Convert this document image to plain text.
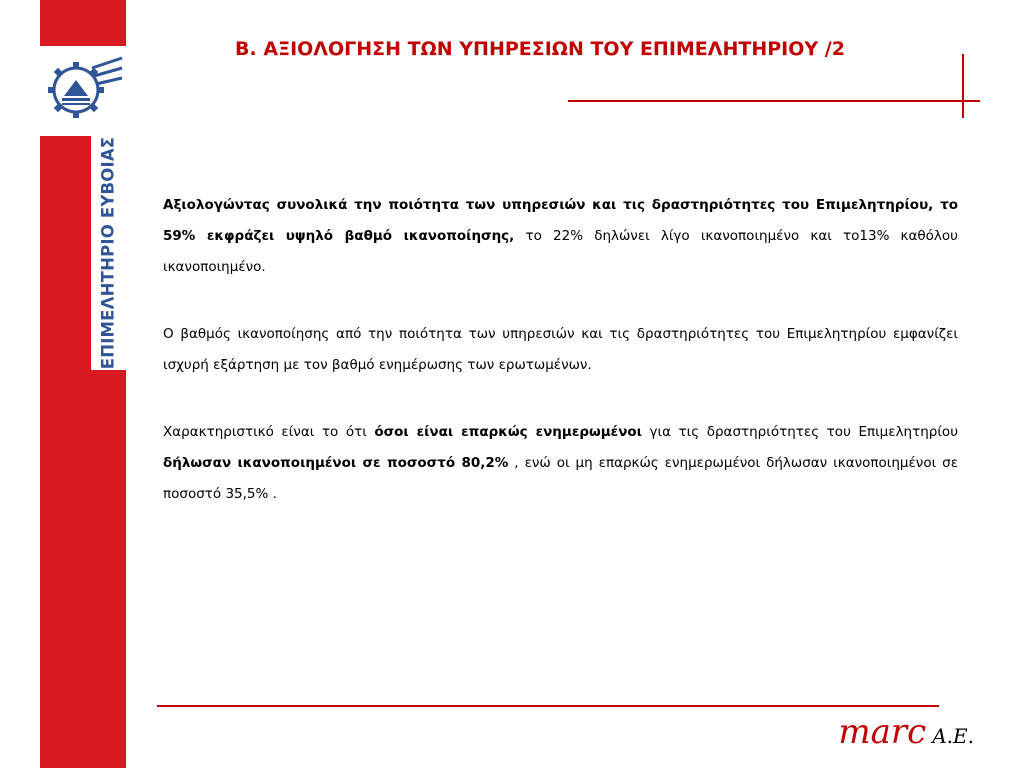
ΕΠΙΜΕΛΗΤΗΡΙΟ ΕΥΒΟΙΑΣ
Β. ΑΞΙΟΛΟΓΗΣΗ ΤΩΝ ΥΠΗΡΕΣΙΩΝ ΤΟΥ ΕΠΙΜΕΛΗΤΗΡΙΟΥ /2

Αξιολογώντας συνολικά την ποιότητα των υπηρεσιών και τις δραστηριότητες του Επιμελητηρίου, το 59% εκφράζει υψηλό βαθμό ικανοποίησης, το 22% δηλώνει λίγο ικανοποιημένο και το13% καθόλου ικανοποιημένο.

Ο βαθμός ικανοποίησης από την ποιότητα των υπηρεσιών και τις δραστηριότητες του Επιμελητηρίου εμφανίζει ισχυρή εξάρτηση με τον βαθμό ενημέρωσης των ερωτωμένων.

Χαρακτηριστικό είναι το ότι όσοι είναι επαρκώς ενημερωμένοι για τις δραστηριότητες του Επιμελητηρίου δήλωσαν ικανοποιημένοι σε ποσοστό 80,2% , ενώ οι μη επαρκώς ενημερωμένοι δήλωσαν ικανοποιημένοι σε ποσοστό 35,5% .

marc A.E.
